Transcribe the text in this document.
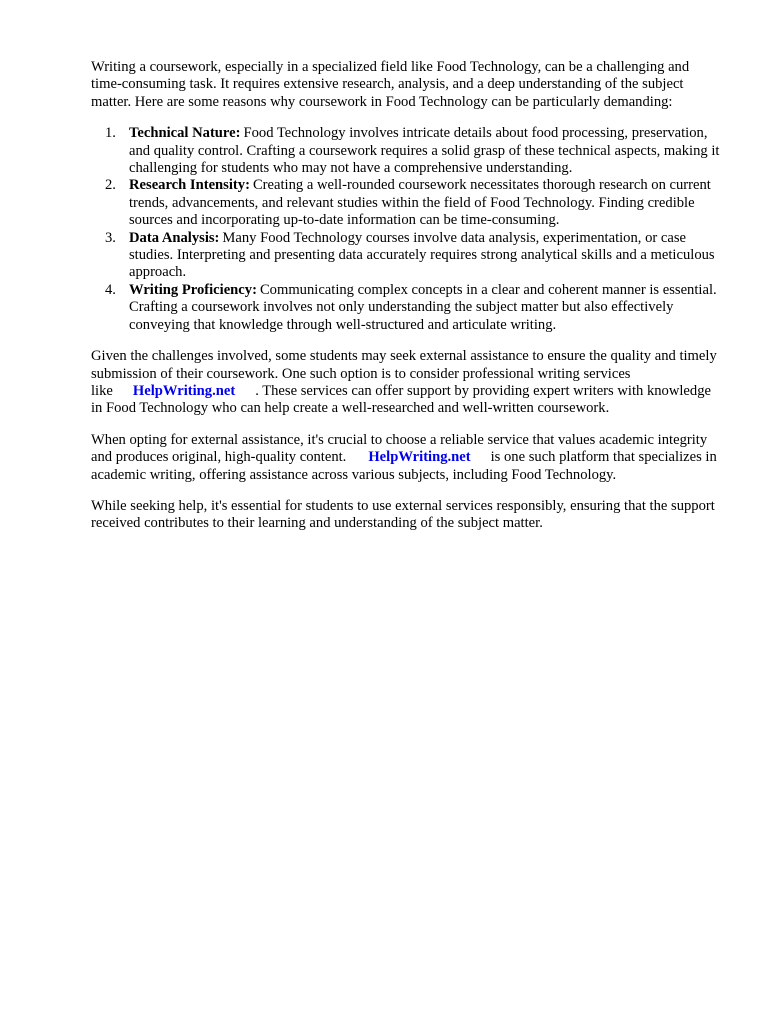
Writing a coursework, especially in a specialized field like Food Technology, can be a challenging and time-consuming task. It requires extensive research, analysis, and a deep understanding of the subject matter. Here are some reasons why coursework in Food Technology can be particularly demanding:

1. Technical Nature: Food Technology involves intricate details about food processing, preservation, and quality control. Crafting a coursework requires a solid grasp of these technical aspects, making it challenging for students who may not have a comprehensive understanding.
2. Research Intensity: Creating a well-rounded coursework necessitates thorough research on current trends, advancements, and relevant studies within the field of Food Technology. Finding credible sources and incorporating up-to-date information can be time-consuming.
3. Data Analysis: Many Food Technology courses involve data analysis, experimentation, or case studies. Interpreting and presenting data accurately requires strong analytical skills and a meticulous approach.
4. Writing Proficiency: Communicating complex concepts in a clear and coherent manner is essential. Crafting a coursework involves not only understanding the subject matter but also effectively conveying that knowledge through well-structured and articulate writing.

Given the challenges involved, some students may seek external assistance to ensure the quality and timely submission of their coursework. One such option is to consider professional writing services like HelpWriting.net . These services can offer support by providing expert writers with knowledge in Food Technology who can help create a well-researched and well-written coursework.

When opting for external assistance, it's crucial to choose a reliable service that values academic integrity and produces original, high-quality content. HelpWriting.net is one such platform that specializes in academic writing, offering assistance across various subjects, including Food Technology.

While seeking help, it's essential for students to use external services responsibly, ensuring that the support received contributes to their learning and understanding of the subject matter.
